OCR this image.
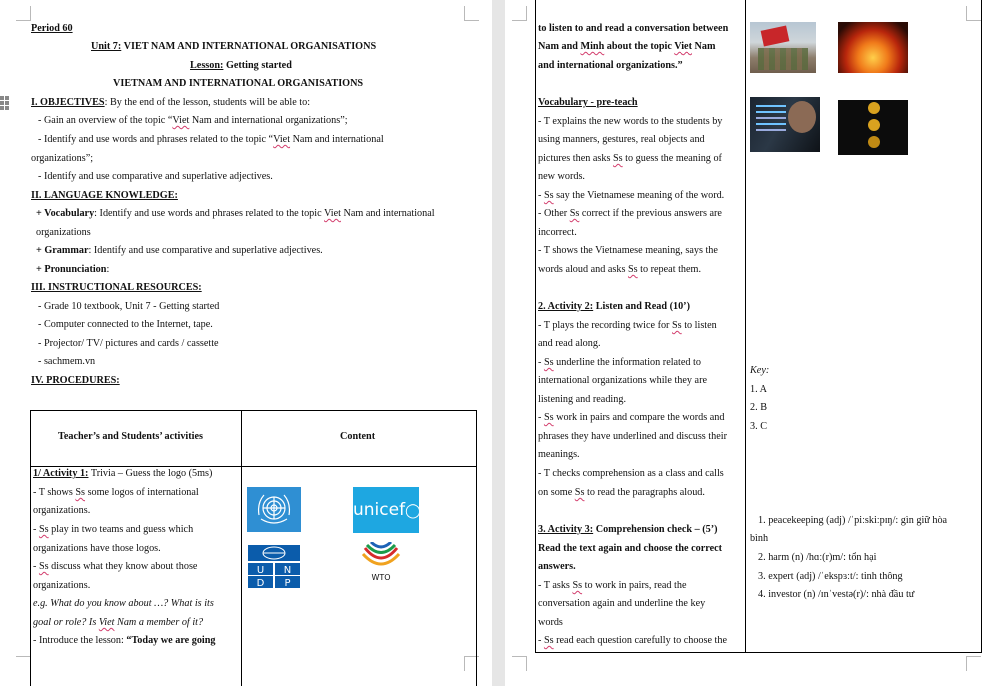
Period 60
Unit 7: VIET NAM AND INTERNATIONAL ORGANISATIONS
Lesson: Getting started
VIETNAM AND INTERNATIONAL ORGANISATIONS
I. OBJECTIVES: By the end of the lesson, students will be able to:
- Gain an overview of the topic “Viet Nam and international organizations”;
- Identify and use words and phrases related to the topic “Viet Nam and international
organizations”;
- Identify and use comparative and superlative adjectives.
II. LANGUAGE KNOWLEDGE:
+ Vocabulary: Identify and use words and phrases related to the topic Viet Nam and international
organizations
+ Grammar: Identify and use comparative and superlative adjectives.
+ Pronunciation:
III. INSTRUCTIONAL RESOURCES:
- Grade 10 textbook, Unit 7 - Getting started
- Computer connected to the Internet, tape.
- Projector/ TV/ pictures and cards / cassette
- sachmem.vn
IV. PROCEDURES:
Teacher’s and Students’ activities	Content
1/ Activity 1: Trivia – Guess the logo (5ms)
- T shows Ss some logos of international
organizations.
- Ss play in two teams and guess which
organizations have those logos.
- Ss discuss what they know about those
organizations.
e.g. What do you know about …? What is its
goal or role? Is Viet Nam a member of it?
- Introduce the lesson: “Today we are going
unicef◯
U N
D P
WTO
to listen to and read a conversation between
Nam and Minh about the topic Viet Nam
and international organizations.”
Vocabulary - pre-teach
- T explains the new words to the students by
using manners, gestures, real objects and
pictures then asks Ss to guess the meaning of
new words.
- Ss say the Vietnamese meaning of the word.
- Other Ss correct if the previous answers are
incorrect.
- T shows the Vietnamese meaning, says the
words aloud and asks Ss to repeat them.
2. Activity 2: Listen and Read (10’)
- T plays the recording twice for Ss to listen
and read along.
- Ss underline the information related to
international organizations while they are
listening and reading.
- Ss work in pairs and compare the words and
phrases they have underlined and discuss their
meanings.
- T checks comprehension as a class and calls
on some Ss to read the paragraphs aloud.
3. Activity 3: Comprehension check – (5’)
Read the text again and choose the correct
answers.
- T asks Ss to work in pairs, read the
conversation again and underline the key
words
- Ss read each question carefully to choose the
Key:
1. A
2. B
3. C
1. peacekeeping (adj) /ˈpiːskiːpɪŋ/: gìn giữ hòa
bình
2. harm (n) /hɑː(r)m/: tổn hại
3. expert (adj) /ˈekspɜːt/: tinh thông
4. investor (n) /ɪnˈvestə(r)/: nhà đầu tư
